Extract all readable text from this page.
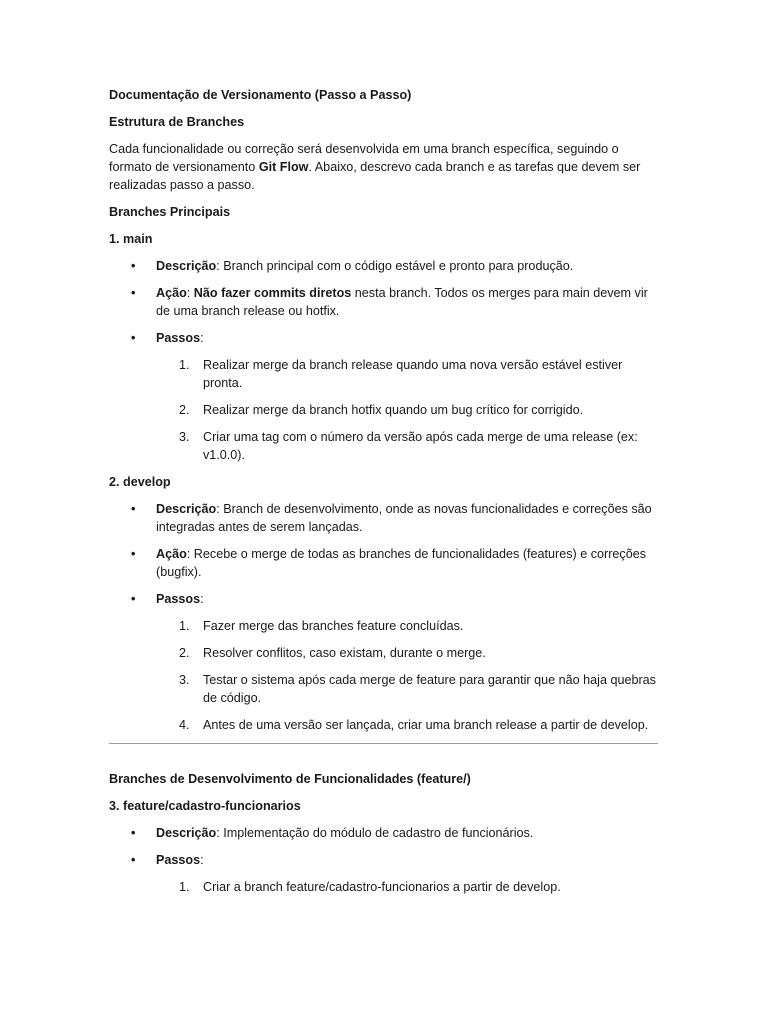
Documentação de Versionamento (Passo a Passo)

Estrutura de Branches

Cada funcionalidade ou correção será desenvolvida em uma branch específica, seguindo o formato de versionamento Git Flow. Abaixo, descrevo cada branch e as tarefas que devem ser realizadas passo a passo.

Branches Principais

1. main

• Descrição: Branch principal com o código estável e pronto para produção.
• Ação: Não fazer commits diretos nesta branch. Todos os merges para main devem vir de uma branch release ou hotfix.
• Passos:
1. Realizar merge da branch release quando uma nova versão estável estiver pronta.
2. Realizar merge da branch hotfix quando um bug crítico for corrigido.
3. Criar uma tag com o número da versão após cada merge de uma release (ex: v1.0.0).

2. develop

• Descrição: Branch de desenvolvimento, onde as novas funcionalidades e correções são integradas antes de serem lançadas.
• Ação: Recebe o merge de todas as branches de funcionalidades (features) e correções (bugfix).
• Passos:
1. Fazer merge das branches feature concluídas.
2. Resolver conflitos, caso existam, durante o merge.
3. Testar o sistema após cada merge de feature para garantir que não haja quebras de código.
4. Antes de uma versão ser lançada, criar uma branch release a partir de develop.

Branches de Desenvolvimento de Funcionalidades (feature/)

3. feature/cadastro-funcionarios

• Descrição: Implementação do módulo de cadastro de funcionários.
• Passos:
1. Criar a branch feature/cadastro-funcionarios a partir de develop.
